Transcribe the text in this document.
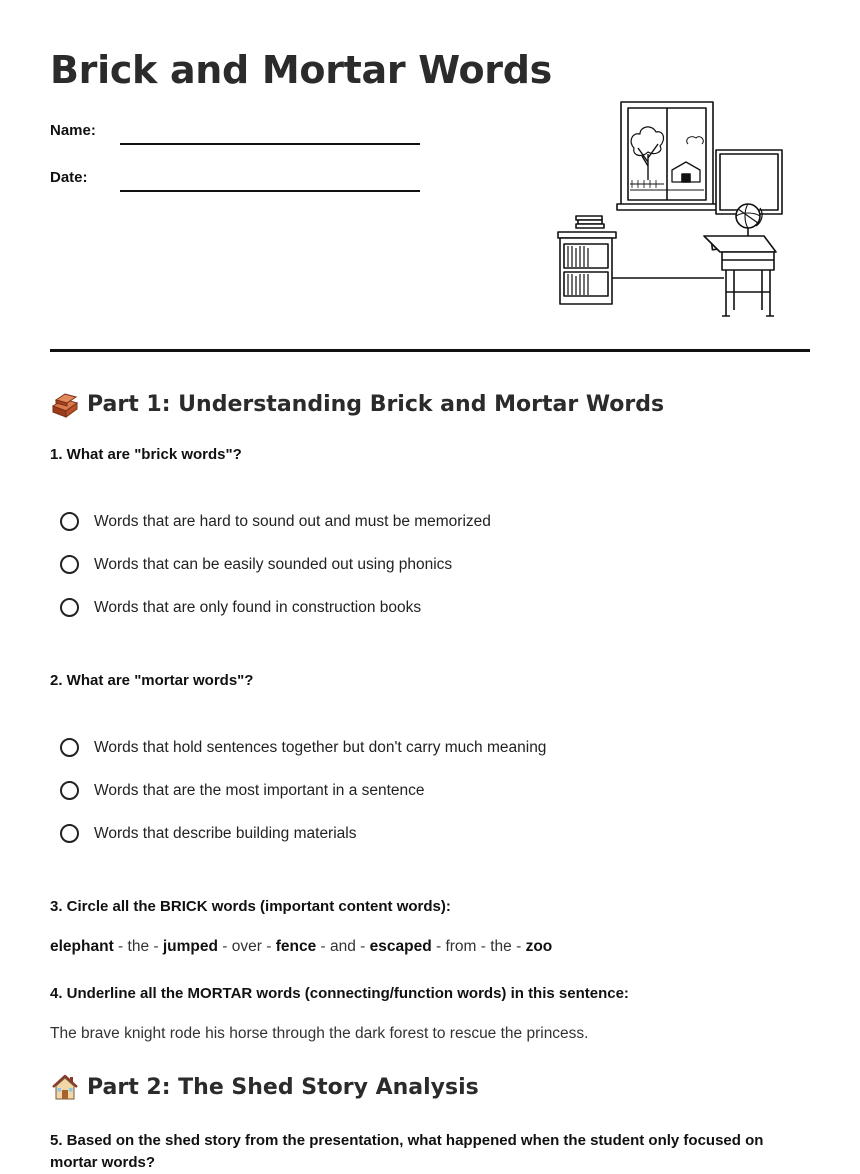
Brick and Mortar Words
Name:
Date:
Part 1: Understanding Brick and Mortar Words
1. What are "brick words"?
Words that are hard to sound out and must be memorized
Words that can be easily sounded out using phonics
Words that are only found in construction books
2. What are "mortar words"?
Words that hold sentences together but don't carry much meaning
Words that are the most important in a sentence
Words that describe building materials
3. Circle all the BRICK words (important content words):
elephant - the - jumped - over - fence - and - escaped - from - the - zoo
4. Underline all the MORTAR words (connecting/function words) in this sentence:
The brave knight rode his horse through the dark forest to rescue the princess.
Part 2: The Shed Story Analysis
5. Based on the shed story from the presentation, what happened when the student only focused on mortar words?
